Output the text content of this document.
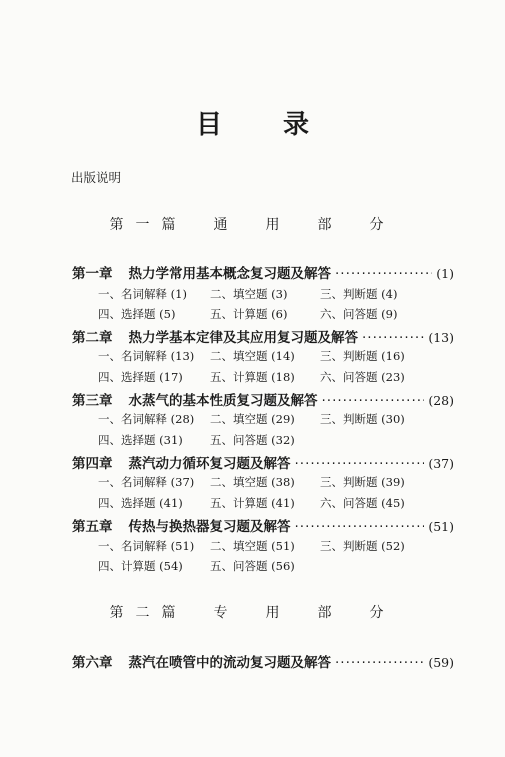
目 录
出版说明
第一篇　通　用　部　分
第一章 热力学常用基本概念复习题及解答 ·····	(1)
一、名词解释 (1) 二、填空题 (3)	三、判断题 (4)
四、选择题 (5)	五、计算题 (6)	六、问答题 (9)
第二章 热力学基本定律及其应用复习题及解答 ·····	(13)
一、名词解释 (13) 二、填空题 (14) 三、判断题 (16)
四、选择题 (17) 五、计算题 (18) 六、问答题 (23)
第三章 水蒸气的基本性质复习题及解答 ·····	(28)
一、名词解释 (28) 二、填空题 (29) 三、判断题 (30)
四、选择题 (31) 五、问答题 (32)
第四章 蒸汽动力循环复习题及解答 ·····	(37)
一、名词解释 (37) 二、填空题 (38) 三、判断题 (39)
四、选择题 (41) 五、计算题 (41) 六、问答题 (45)
第五章 传热与换热器复习题及解答 ·····	(51)
一、名词解释 (51) 二、填空题 (51) 三、判断题 (52)
四、计算题 (54) 五、问答题 (56)
第二篇　专　用　部　分
第六章 蒸汽在喷管中的流动复习题及解答 ·····	(59)
